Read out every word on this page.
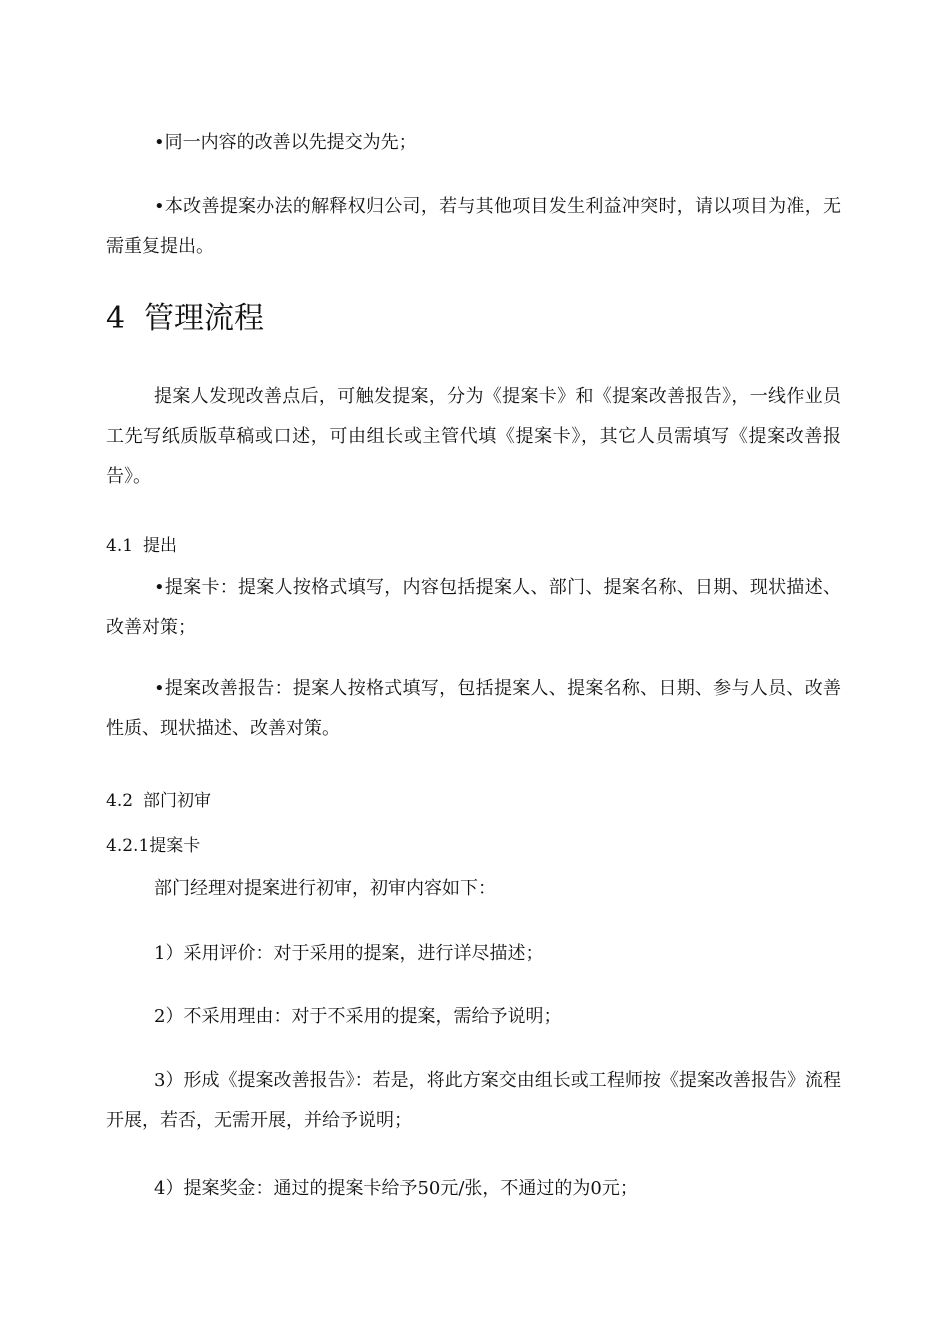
•同一内容的改善以先提交为先；

•本改善提案办法的解释权归公司，若与其他项目发生利益冲突时，请以项目为准，无需重复提出。

4 管理流程

提案人发现改善点后，可触发提案，分为《提案卡》和《提案改善报告》，一线作业员工先写纸质版草稿或口述，可由组长或主管代填《提案卡》，其它人员需填写《提案改善报告》。

4.1 提出

•提案卡：提案人按格式填写，内容包括提案人、部门、提案名称、日期、现状描述、改善对策；

•提案改善报告：提案人按格式填写，包括提案人、提案名称、日期、参与人员、改善性质、现状描述、改善对策。

4.2 部门初审
4.2.1提案卡

部门经理对提案进行初审，初审内容如下：

1）采用评价：对于采用的提案，进行详尽描述；

2）不采用理由：对于不采用的提案，需给予说明；

3）形成《提案改善报告》：若是，将此方案交由组长或工程师按《提案改善报告》流程开展，若否，无需开展，并给予说明；

4）提案奖金：通过的提案卡给予50元/张，不通过的为0元；
